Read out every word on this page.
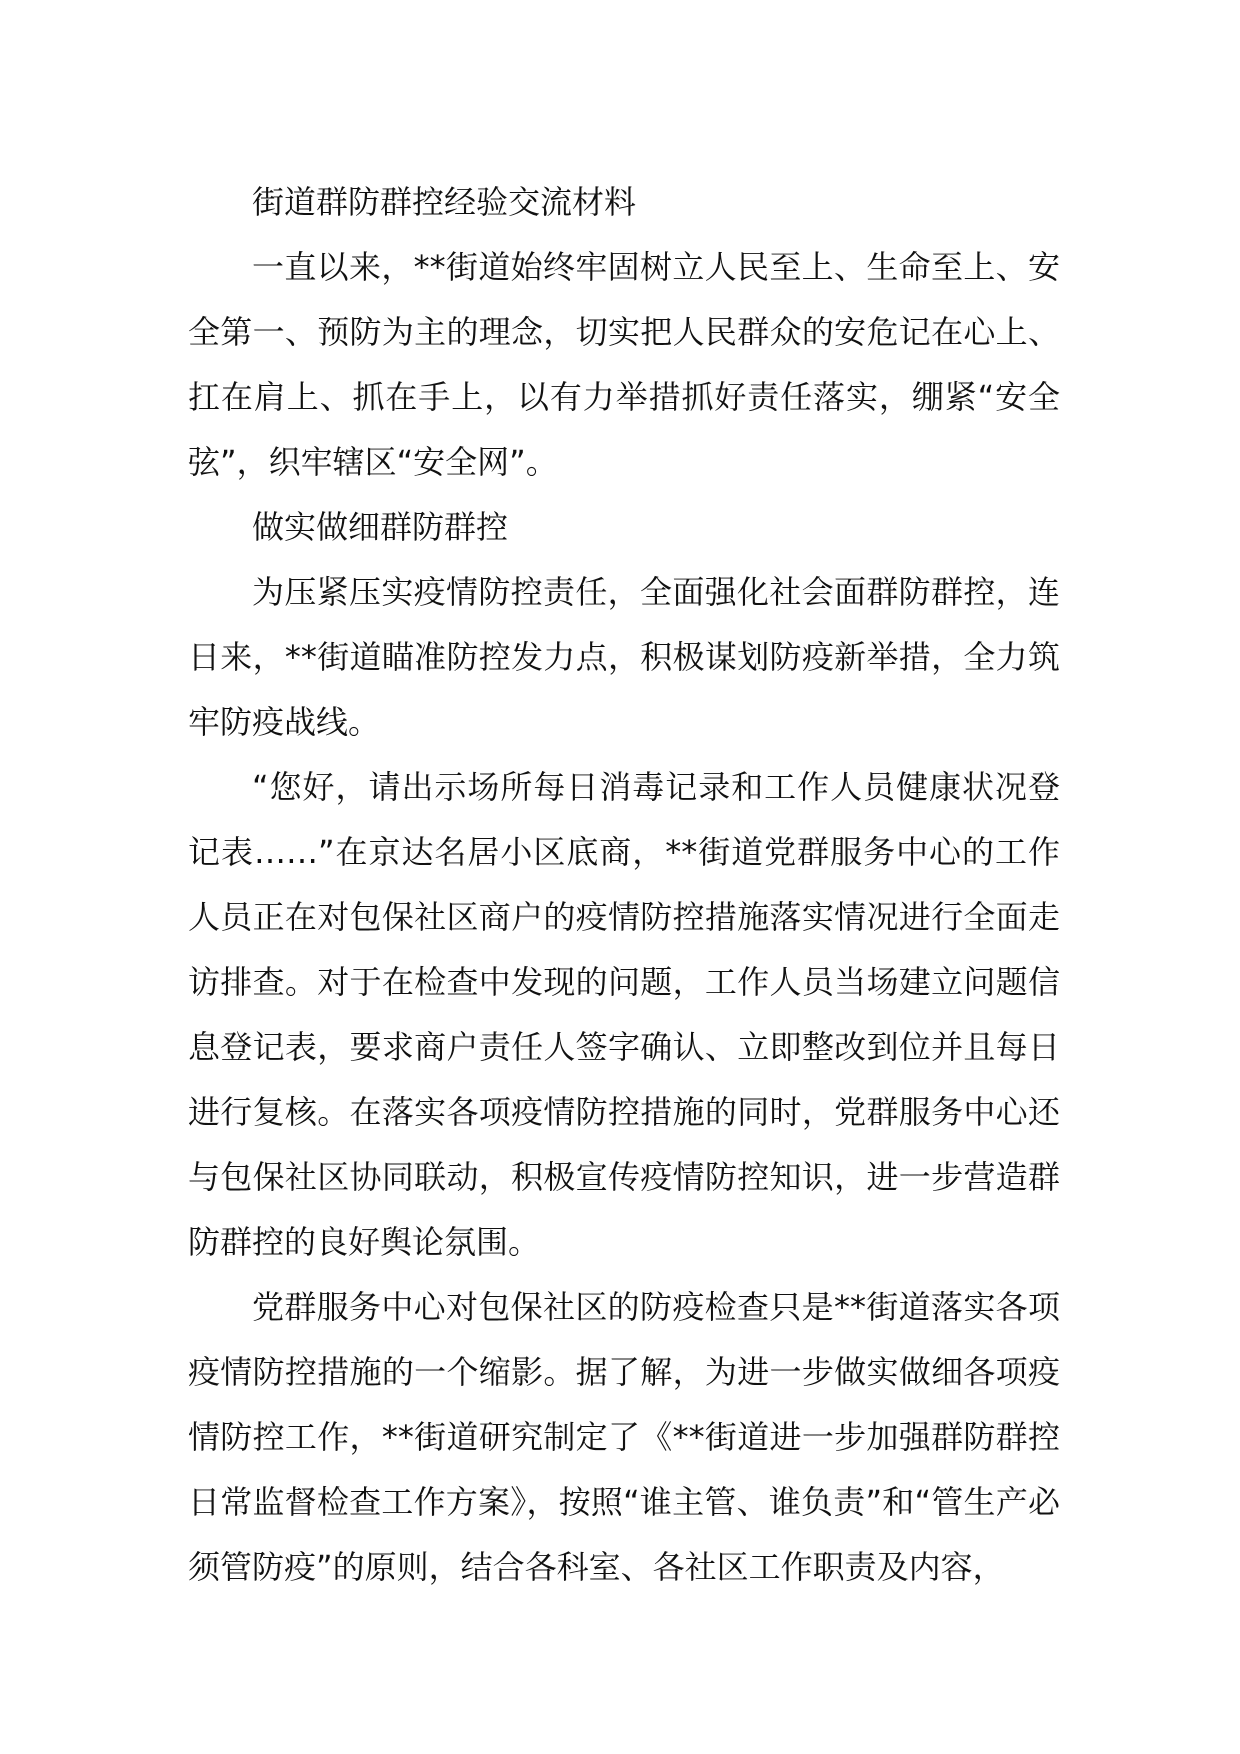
街道群防群控经验交流材料

一直以来，**街道始终牢固树立人民至上、生命至上、安全第一、预防为主的理念，切实把人民群众的安危记在心上、扛在肩上、抓在手上，以有力举措抓好责任落实，绷紧“安全弦”，织牢辖区“安全网”。

做实做细群防群控

为压紧压实疫情防控责任，全面强化社会面群防群控，连日来，**街道瞄准防控发力点，积极谋划防疫新举措，全力筑牢防疫战线。

“您好，请出示场所每日消毒记录和工作人员健康状况登记表……”在京达名居小区底商，**街道党群服务中心的工作人员正在对包保社区商户的疫情防控措施落实情况进行全面走访排查。对于在检查中发现的问题，工作人员当场建立问题信息登记表，要求商户责任人签字确认、立即整改到位并且每日进行复核。在落实各项疫情防控措施的同时，党群服务中心还与包保社区协同联动，积极宣传疫情防控知识，进一步营造群防群控的良好舆论氛围。

党群服务中心对包保社区的防疫检查只是**街道落实各项疫情防控措施的一个缩影。据了解，为进一步做实做细各项疫情防控工作，**街道研究制定了《**街道进一步加强群防群控日常监督检查工作方案》，按照“谁主管、谁负责”和“管生产必须管防疫”的原则，结合各科室、各社区工作职责及内容，
